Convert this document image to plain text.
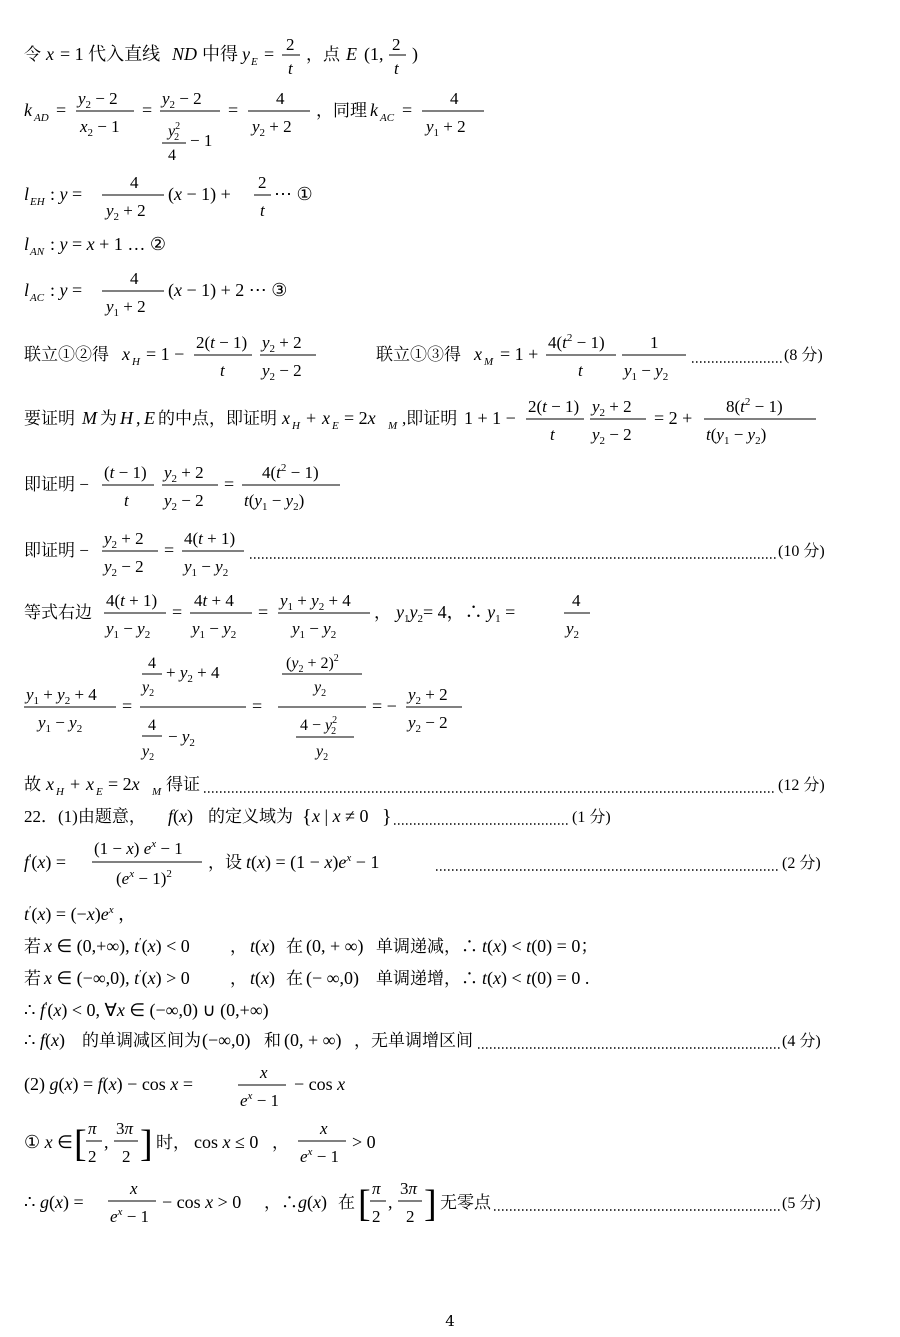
令 x = 1 代入直线 ND 中得 y E = 2
t
，点 E (1, 2
t
)
k AD =
$y_2 - 2$
$x_2 - 1$
=
$y_2 - 2$
$y^2$ 2
4
− 1
=
4
$y_2 + 2$
，同理 k AC =
4
$y_1 + 2$
l EH : y =
4
$y_2 + 2$
(x − 1) +
2
t
⋯ ①
l AN : y = x + 1 … ②
l AC : y =
4
$y_1 + 2$
(x − 1) + 2 ⋯ ③
联立①②得 x H = 1 −
2(t − 1)
t
$y_2 + 2$
$y_2 - 2$
联立①③得 x M = 1 +
$4(t^2 - 1)$
t
1
$y_1 - y_2$
(8 分)
要证明 M 为 H , E 的中点，即证明 x H + x E = 2x M ,即证明 1 + 1 −
2(t − 1)
t
$y_2 + 2$
$y_2 - 2$
= 2 +
$8(t^2 - 1)$
$t(y_1 - y_2)$
即证明 −
(t − 1)
t
$y_2 + 2$
$y_2 - 2$
=
$4(t^2 - 1)$
$t(y_1 - y_2)$
即证明 −
$y_2 + 2$
$y_2 - 2$
=
4(t + 1)
$y_1 - y_2$
(10 分)
等式右边
4(t + 1)
$y_1 - y_2$
=
4t + 4
$y_1 - y_2$
=
$y_1 + y_2 + 4$
$y_1 - y_2$
， $y_1y_2= 4$，∴ $y_1$ =
4
$y_2$
$y_1 + y_2 + 4$
$y_1 - y_2$
=
4
$y_2$
+ $y_2 + 4$
4
$y_2$
− $y_2$
=
$(y_2 + 2)^2$
$y_2$
$4 - y^2$ 2
$y_2$
= −
$y_2 + 2$
$y_2 - 2$
故 x H + x E = 2x M 得证	(12 分)
22．(1)由题意， f(x) 的定义域为 { x | x ≠ 0 }	(1 分)
f′(x) =
(1 − x) $e^x - 1$
$(e^x - 1)^2$
，设 $t(x) = (1 - x)e^x - 1$	(2 分)
$t'(x) = (-x)e^x$ ，
若 x ∈ (0,+∞), t′(x) < 0 ， t(x) 在 (0, + ∞) 单调递减，∴ t(x) < t(0) = 0；
若 x ∈ (−∞,0), t′(x) > 0 ， t(x) 在 (− ∞,0) 单调递增，∴ t(x) < t(0) = 0 .
∴ f′(x) < 0, ∀x ∈ (−∞,0) ∪ (0,+∞)
∴ f(x) 的单调减区间为 (−∞,0) 和 (0, + ∞) ，无单调增区间	(4 分)
(2) g(x) = f(x) − cos x =
x
$e^x - 1$
− cos x
① x ∈ [ π
2
,
3π
2 ] 时， cos x ≤ 0 ，
x
$e^x - 1$
> 0
∴ g(x) =
x
$e^x - 1$
− cos x > 0 ，∴ g(x) 在 [ π
2
,
3π
2 ] 无零点	(5 分)
4
